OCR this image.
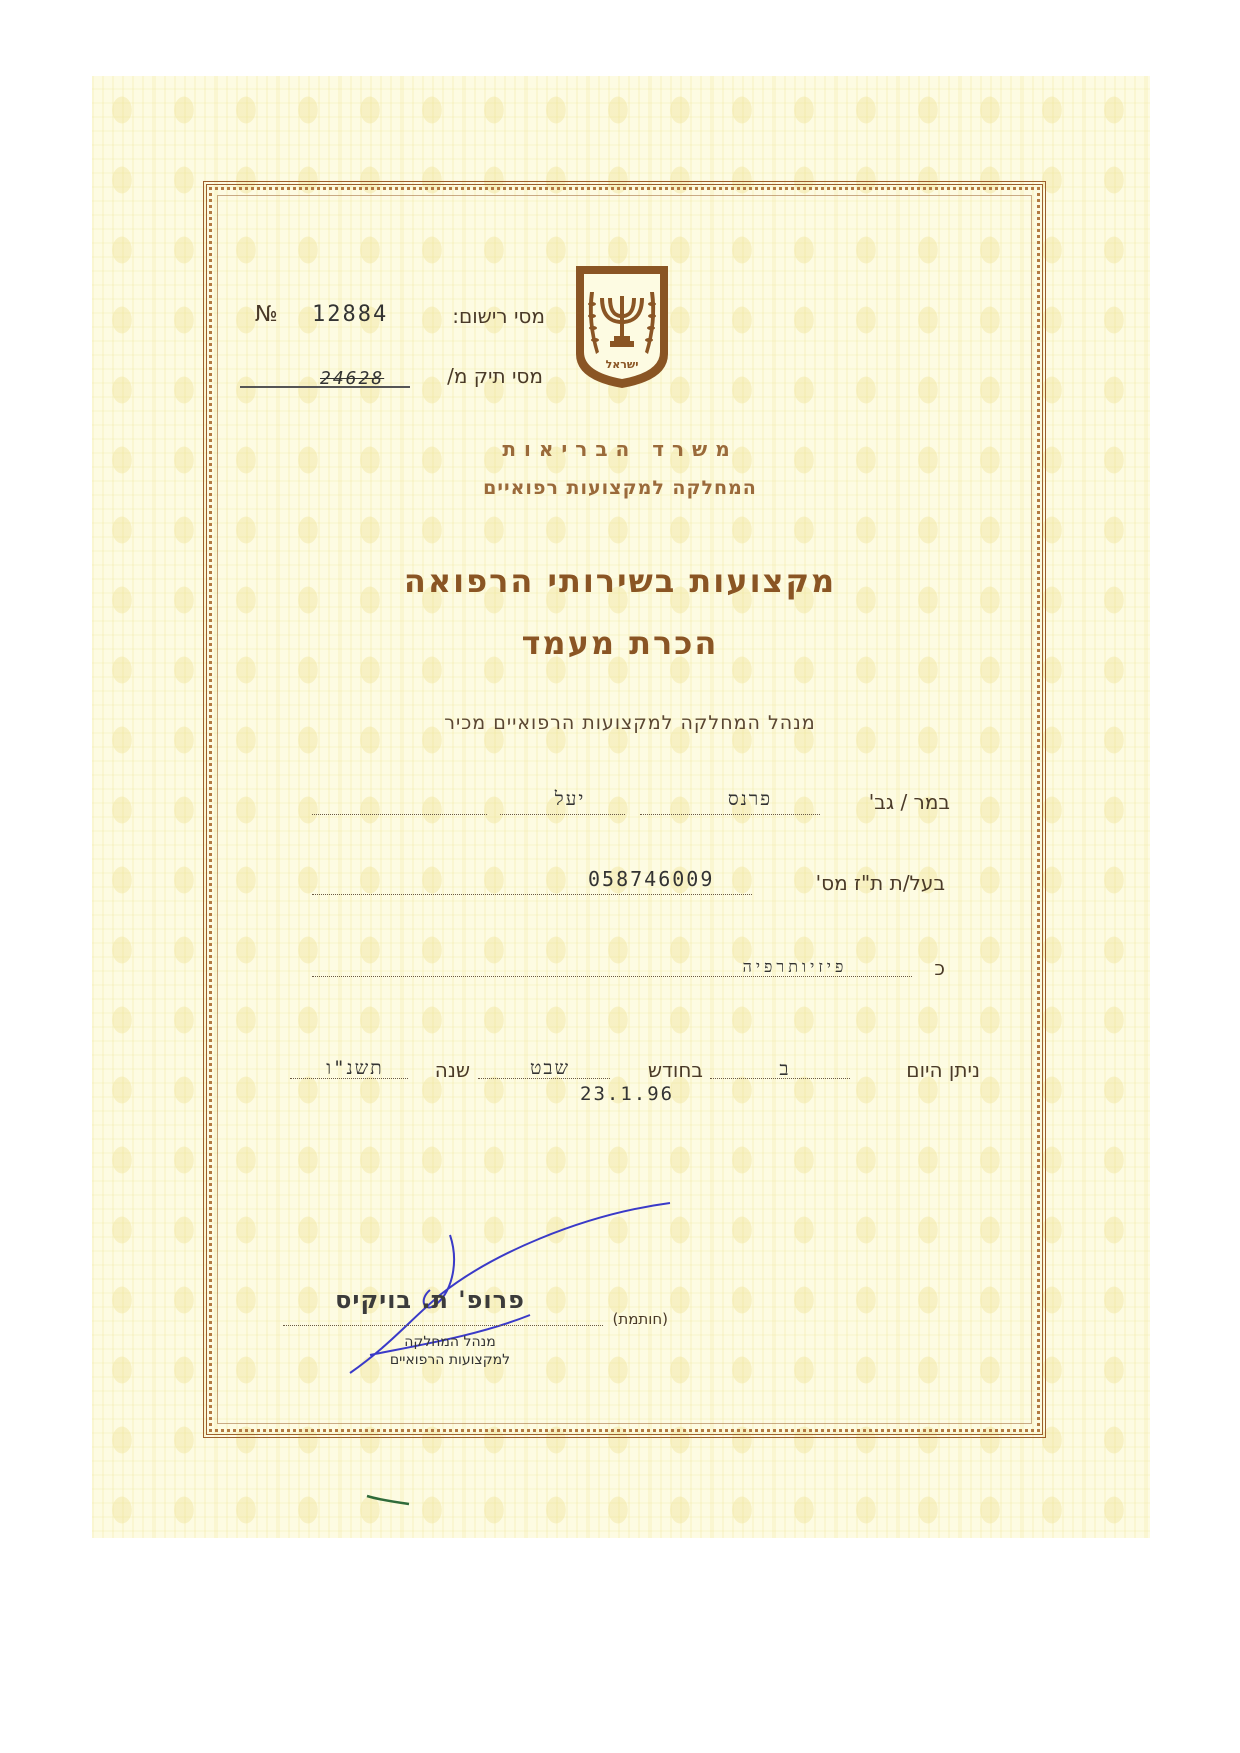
№ 12884	מסי רישום:
מסי תיק מ/
24628
ישראל
משרד הבריאות
המחלקה למקצועות רפואיים
מקצועות בשירותי הרפואה
הכרת מעמד
מנהל המחלקה למקצועות הרפואיים מכיר
במר / גב'
פרנס
יעל
בעל/ת ת"ז מס'
058746009
כ
פיזיותרפיה
ניתן היום
ב
בחודש
שבט
שנה
תשנ"ו
23.1.96
פרופ' ת. בויקיס
(חותמת)
מנהל המחלקה
למקצועות הרפואיים
